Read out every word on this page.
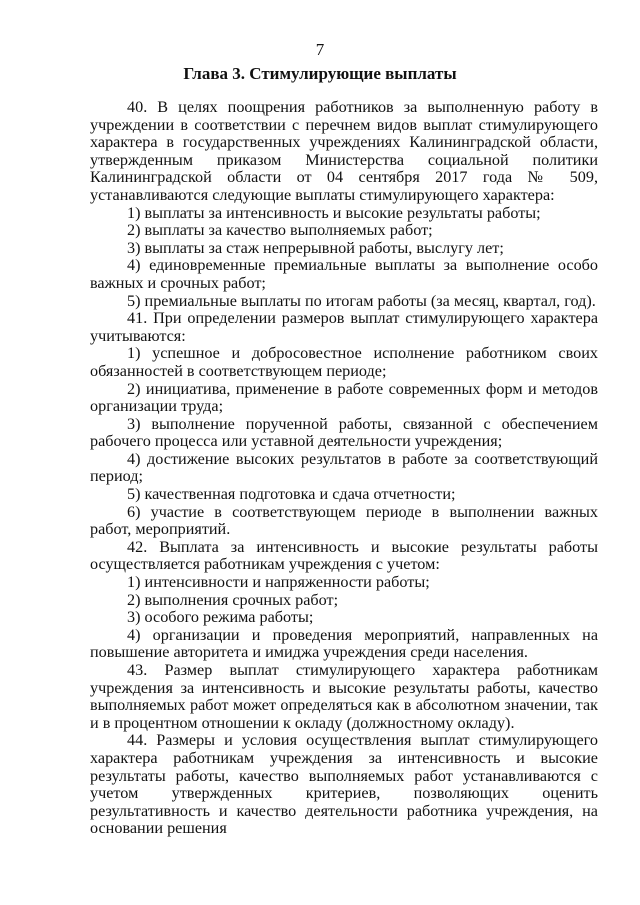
7
Глава 3. Стимулирующие выплаты

40. В целях поощрения работников за выполненную работу в учреждении в соответствии с перечнем видов выплат стимулирующего характера в государственных учреждениях Калининградской области, утвержденным приказом Министерства социальной политики Калининградской области от 04 сентября 2017 года № 509, устанавливаются следующие выплаты стимулирующего характера:

1) выплаты за интенсивность и высокие результаты работы;

2) выплаты за качество выполняемых работ;

3) выплаты за стаж непрерывной работы, выслугу лет;

4) единовременные премиальные выплаты за выполнение особо важных и срочных работ;

5) премиальные выплаты по итогам работы (за месяц, квартал, год).

41. При определении размеров выплат стимулирующего характера учитываются:

1) успешное и добросовестное исполнение работником своих обязанностей в соответствующем периоде;

2) инициатива, применение в работе современных форм и методов организации труда;

3) выполнение порученной работы, связанной с обеспечением рабочего процесса или уставной деятельности учреждения;

4) достижение высоких результатов в работе за соответствующий период;

5) качественная подготовка и сдача отчетности;

6) участие в соответствующем периоде в выполнении важных работ, мероприятий.

42. Выплата за интенсивность и высокие результаты работы осуществляется работникам учреждения с учетом:

1) интенсивности и напряженности работы;

2) выполнения срочных работ;

3) особого режима работы;

4) организации и проведения мероприятий, направленных на повышение авторитета и имиджа учреждения среди населения.

43. Размер выплат стимулирующего характера работникам учреждения за интенсивность и высокие результаты работы, качество выполняемых работ может определяться как в абсолютном значении, так и в процентном отношении к окладу (должностному окладу).

44. Размеры и условия осуществления выплат стимулирующего характера работникам учреждения за интенсивность и высокие результаты работы, качество выполняемых работ устанавливаются с учетом утвержденных критериев, позволяющих оценить результативность и качество деятельности работника учреждения, на основании решения
